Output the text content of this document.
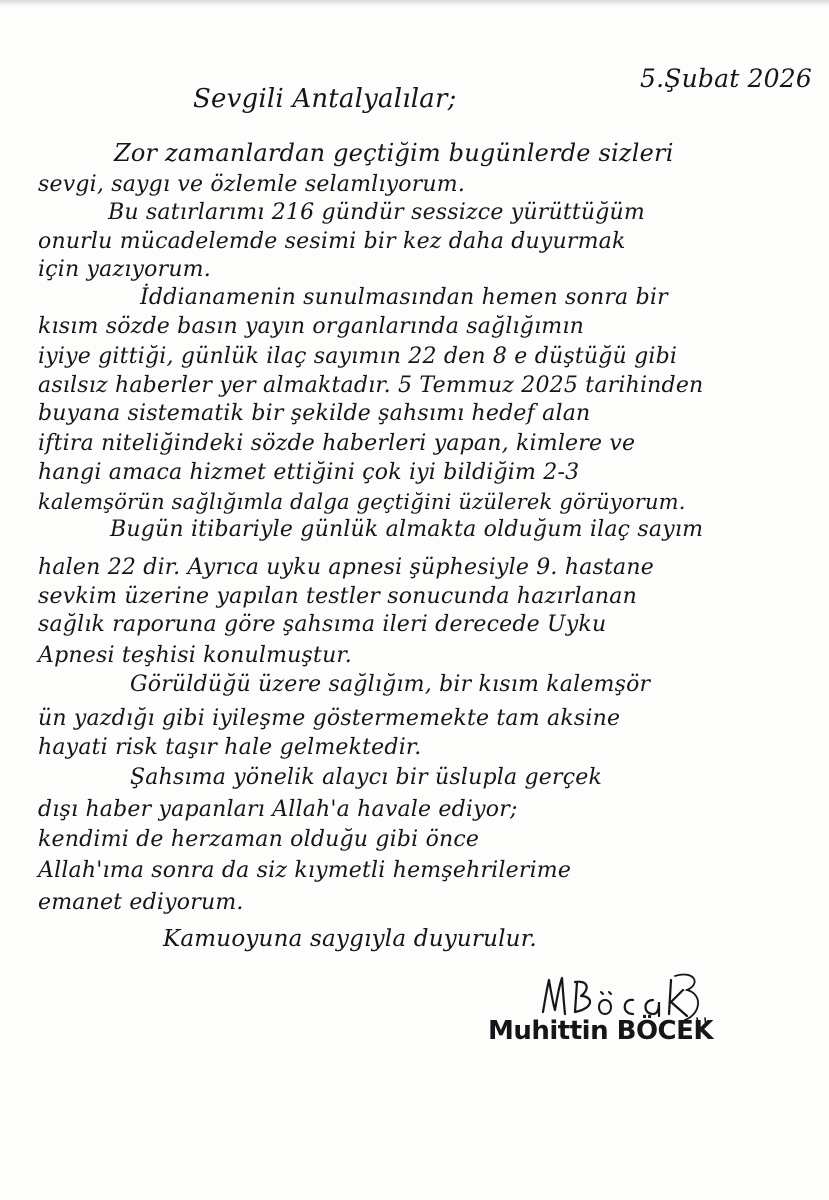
5.Şubat 2026
Sevgili Antalyalılar;
Zor zamanlardan geçtiğim bugünlerde sizleri
sevgi, saygı ve özlemle selamlıyorum.
Bu satırlarımı 216 gündür sessizce yürüttüğüm
onurlu mücadelemde sesimi bir kez daha duyurmak
için yazıyorum.
İddianamenin sunulmasından hemen sonra bir
kısım sözde basın yayın organlarında sağlığımın
iyiye gittiği, günlük ilaç sayımın 22 den 8 e düştüğü gibi
asılsız haberler yer almaktadır. 5 Temmuz 2025 tarihinden
buyana sistematik bir şekilde şahsımı hedef alan
iftira niteliğindeki sözde haberleri yapan, kimlere ve
hangi amaca hizmet ettiğini çok iyi bildiğim 2-3
kalemşörün sağlığımla dalga geçtiğini üzülerek görüyorum.
Bugün itibariyle günlük almakta olduğum ilaç sayım
halen 22 dir. Ayrıca uyku apnesi şüphesiyle 9. hastane
sevkim üzerine yapılan testler sonucunda hazırlanan
sağlık raporuna göre şahsıma ileri derecede Uyku
Apnesi teşhisi konulmuştur.
Görüldüğü üzere sağlığım, bir kısım kalemşör
ün yazdığı gibi iyileşme göstermemekte tam aksine
hayati risk taşır hale gelmektedir.
Şahsıma yönelik alaycı bir üslupla gerçek
dışı haber yapanları Allah'a havale ediyor;
kendimi de herzaman olduğu gibi önce
Allah'ıma sonra da siz kıymetli hemşehrilerime
emanet ediyorum.
Kamuoyuna saygıyla duyurulur.
Muhittin BÖCEK
